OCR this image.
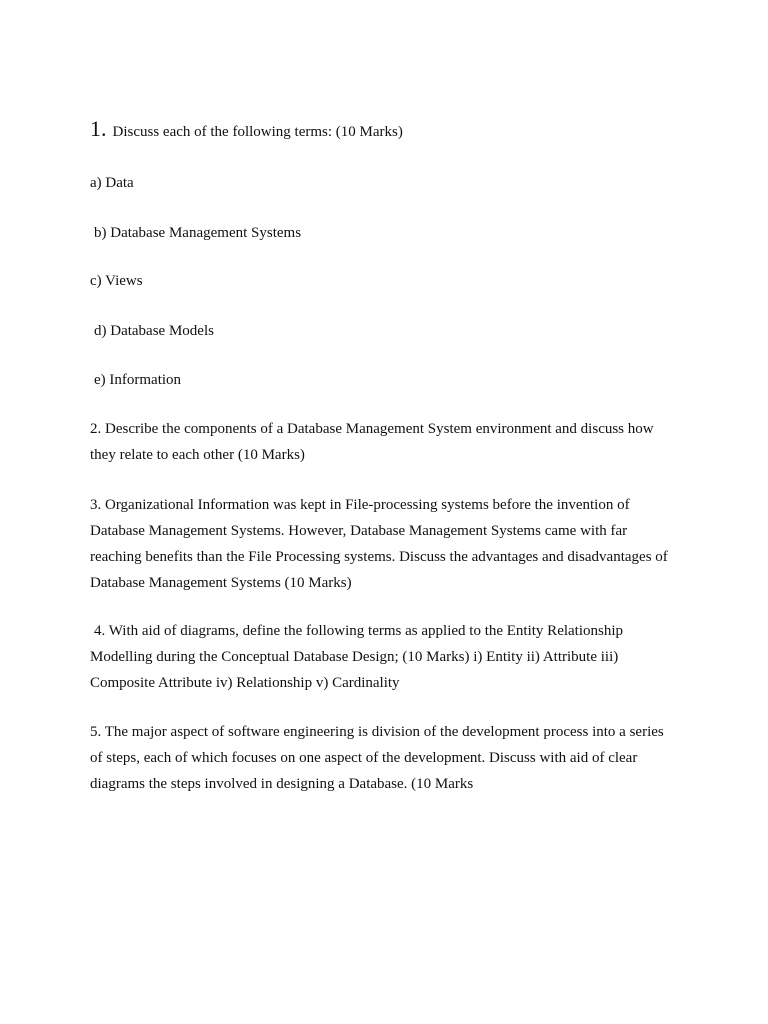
1. Discuss each of the following terms: (10 Marks)
a) Data
b) Database Management Systems
c) Views
d) Database Models
e) Information
2. Describe the components of a Database Management System environment and discuss how they relate to each other (10 Marks)
3. Organizational Information was kept in File-processing systems before the invention of Database Management Systems. However, Database Management Systems came with far reaching benefits than the File Processing systems. Discuss the advantages and disadvantages of Database Management Systems (10 Marks)
4. With aid of diagrams, define the following terms as applied to the Entity Relationship Modelling during the Conceptual Database Design; (10 Marks) i) Entity ii) Attribute iii) Composite Attribute iv) Relationship v) Cardinality
5. The major aspect of software engineering is division of the development process into a series of steps, each of which focuses on one aspect of the development. Discuss with aid of clear diagrams the steps involved in designing a Database. (10 Marks
